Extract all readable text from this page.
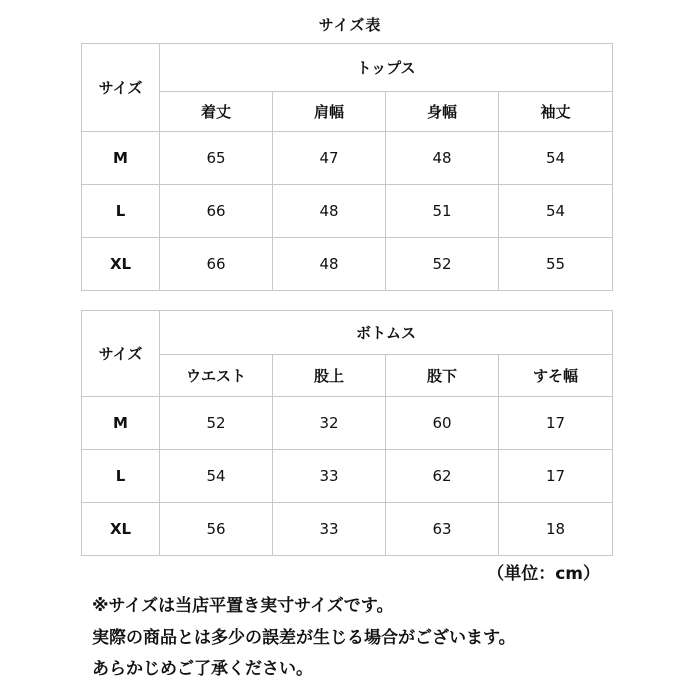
サイズ表
サイズ	トップス			
	着丈	肩幅	身幅	袖丈
M	65	47	48	54
L	66	48	51	54
XL	66	48	52	55
サイズ	ボトムス			
	ウエスト	股上	股下	すそ幅
M	52	32	60	17
L	54	33	62	17
XL	56	33	63	18
（単位：cm）
※サイズは当店平置き実寸サイズです。
実際の商品とは多少の誤差が生じる場合がございます。
あらかじめご了承ください。
